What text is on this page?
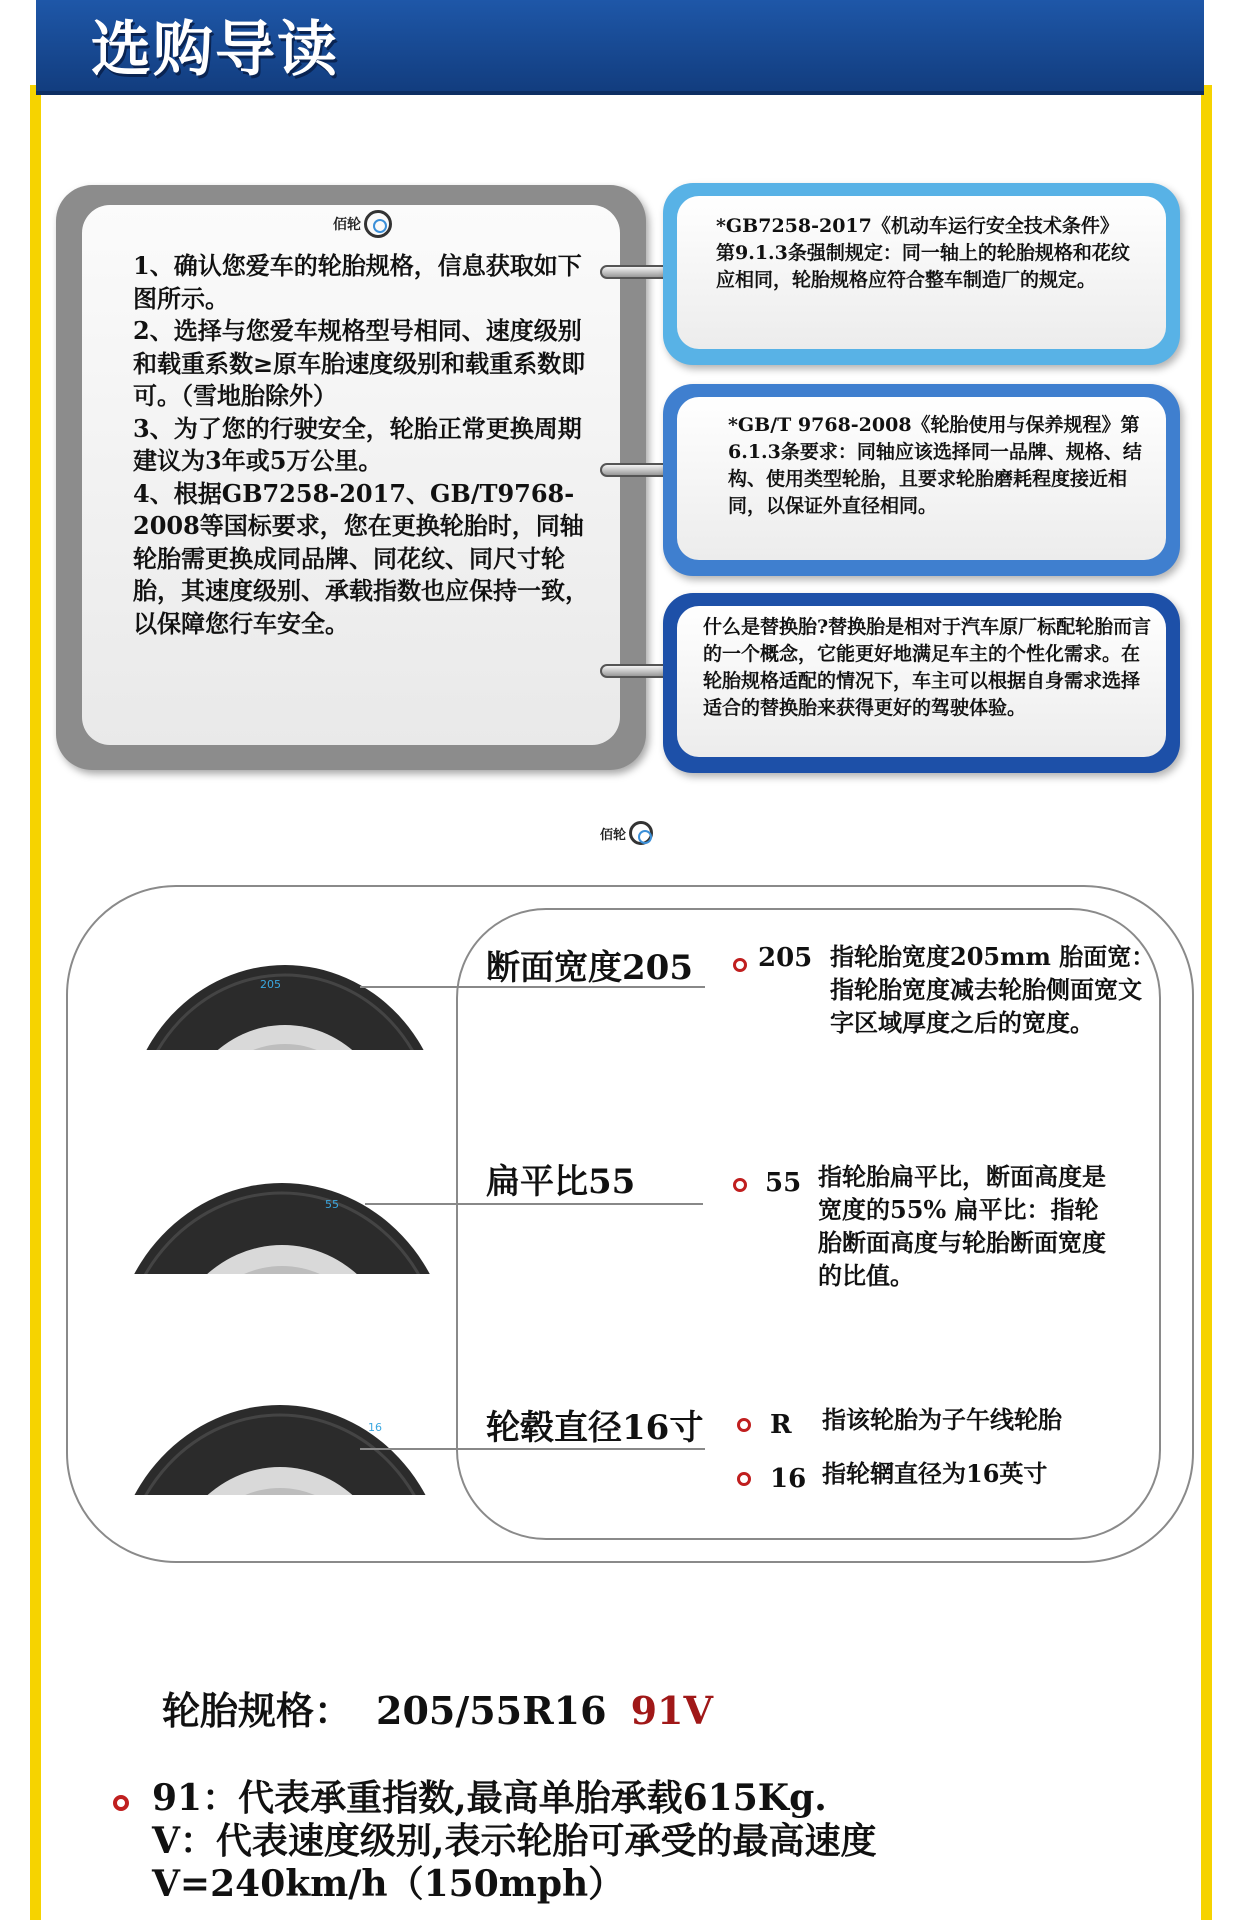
选购导读
佰轮

1、确认您爱车的轮胎规格，信息获取如下图所示。

2、选择与您爱车规格型号相同、速度级别和载重系数≥原车胎速度级别和载重系数即可。（雪地胎除外）

3、为了您的行驶安全，轮胎正常更换周期建议为3年或5万公里。

4、根据GB7258-2017、GB/T9768-2008等国标要求，您在更换轮胎时，同轴轮胎需更换成同品牌、同花纹、同尺寸轮胎，其速度级别、承载指数也应保持一致，以保障您行车安全。

*GB7258-2017《机动车运行安全技术条件》第9.1.3条强制规定：同一轴上的轮胎规格和花纹应相同，轮胎规格应符合整车制造厂的规定。
*GB/T 9768-2008《轮胎使用与保养规程》第6.1.3条要求：同轴应该选择同一品牌、规格、结构、使用类型轮胎，且要求轮胎磨耗程度接近相同，以保证外直径相同。
什么是替换胎?替换胎是相对于汽车原厂标配轮胎而言的一个概念，它能更好地满足车主的个性化需求。在轮胎规格适配的情况下，车主可以根据自身需求选择适合的替换胎来获得更好的驾驶体验。
佰轮
205
55
16
断面宽度205
扁平比55
轮毂直径16寸
205 指轮胎宽度205mm 胎面宽：指轮胎宽度减去轮胎侧面宽文字区域厚度之后的宽度。
55 指轮胎扁平比，断面高度是宽度的55% 扁平比：指轮胎断面高度与轮胎断面宽度的比值。
R 指该轮胎为子午线轮胎
16 指轮辋直径为16英寸
轮胎规格： 205/55R16 91V
91：代表承重指数,最高单胎承载615Kg.
V：代表速度级别,表示轮胎可承受的最高速度
V=240km/h（150mph）
